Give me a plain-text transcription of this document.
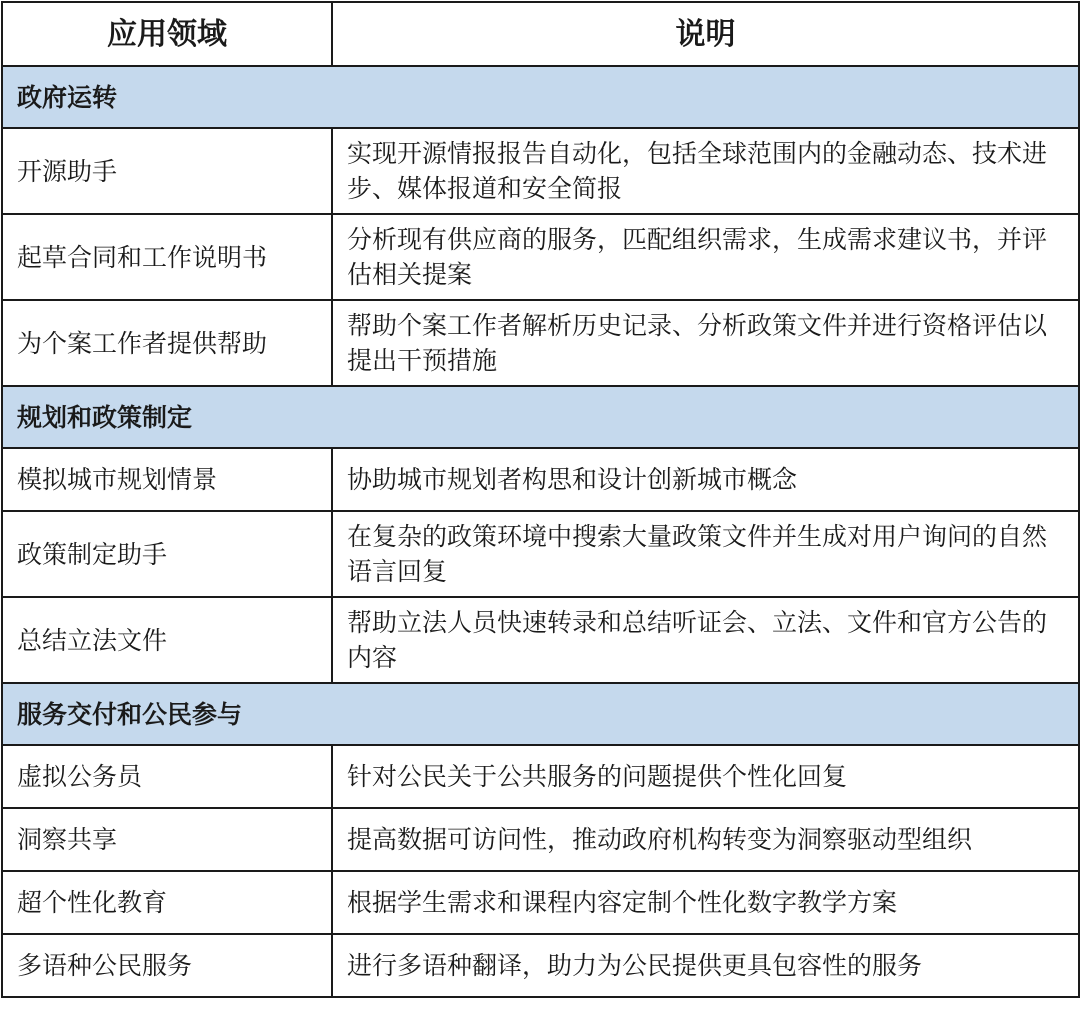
应用领域	说明
政府运转	
开源助手	实现开源情报报告自动化，包括全球范围内的金融动态、技术进步、媒体报道和安全简报
起草合同和工作说明书	分析现有供应商的服务，匹配组织需求，生成需求建议书，并评估相关提案
为个案工作者提供帮助	帮助个案工作者解析历史记录、分析政策文件并进行资格评估以提出干预措施
规划和政策制定	
模拟城市规划情景	协助城市规划者构思和设计创新城市概念
政策制定助手	在复杂的政策环境中搜索大量政策文件并生成对用户询问的自然语言回复
总结立法文件	帮助立法人员快速转录和总结听证会、立法、文件和官方公告的内容
服务交付和公民参与	
虚拟公务员	针对公民关于公共服务的问题提供个性化回复
洞察共享	提高数据可访问性，推动政府机构转变为洞察驱动型组织
超个性化教育	根据学生需求和课程内容定制个性化数字教学方案
多语种公民服务	进行多语种翻译，助力为公民提供更具包容性的服务
